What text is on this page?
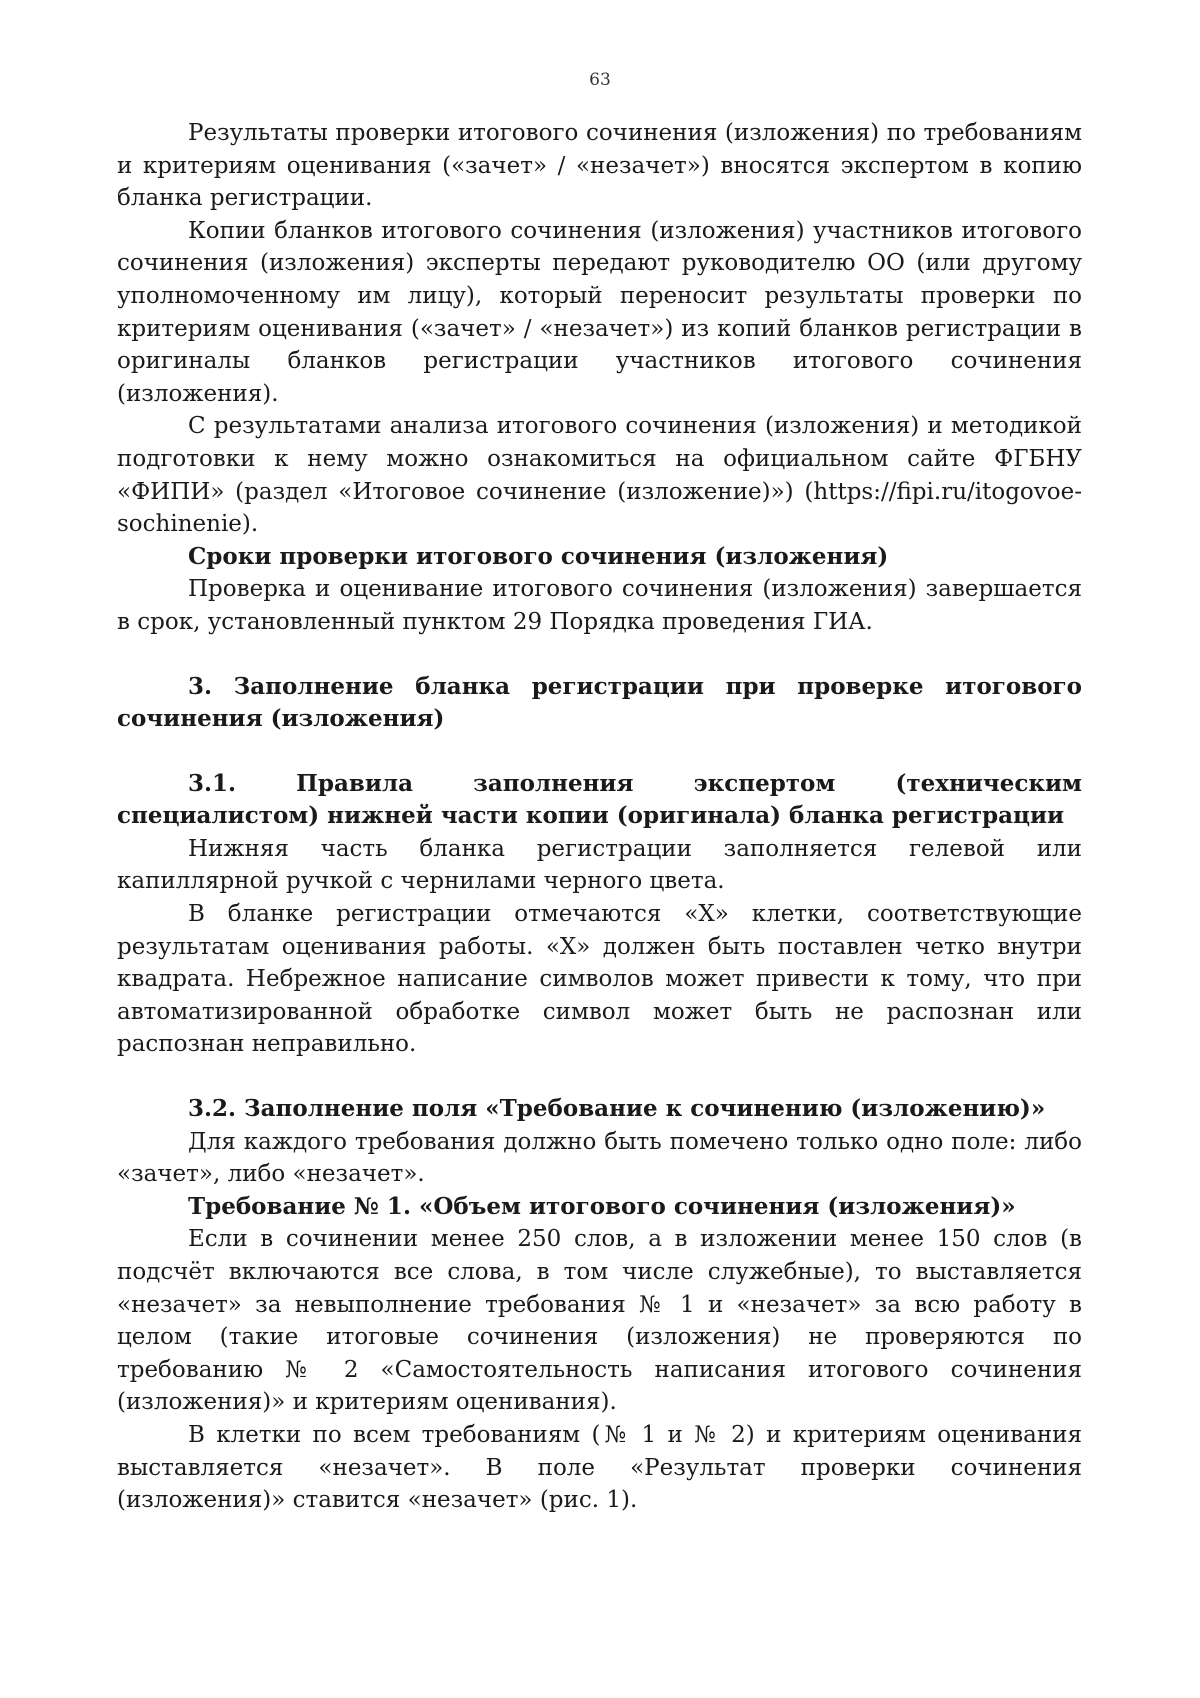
63

Результаты проверки итогового сочинения (изложения) по требованиям и критериям оценивания («зачет» / «незачет») вносятся экспертом в копию бланка регистрации.

Копии бланков итогового сочинения (изложения) участников итогового сочинения (изложения) эксперты передают руководителю ОО (или другому уполномоченному им лицу), который переносит результаты проверки по критериям оценивания («зачет» / «незачет») из копий бланков регистрации в оригиналы бланков регистрации участников итогового сочинения (изложения).

С результатами анализа итогового сочинения (изложения) и методикой подготовки к нему можно ознакомиться на официальном сайте ФГБНУ «ФИПИ» (раздел «Итоговое сочинение (изложение)») (https://fipi.ru/itogovoe-sochinenie).

Сроки проверки итогового сочинения (изложения)

Проверка и оценивание итогового сочинения (изложения) завершается в срок, установленный пунктом 29 Порядка проведения ГИА.

3. Заполнение бланка регистрации при проверке итогового сочинения (изложения)

3.1. Правила заполнения экспертом (техническим специалистом) нижней части копии (оригинала) бланка регистрации

Нижняя часть бланка регистрации заполняется гелевой или капиллярной ручкой с чернилами черного цвета.

В бланке регистрации отмечаются «X» клетки, соответствующие результатам оценивания работы. «X» должен быть поставлен четко внутри квадрата. Небрежное написание символов может привести к тому, что при автоматизированной обработке символ может быть не распознан или распознан неправильно.

3.2. Заполнение поля «Требование к сочинению (изложению)»

Для каждого требования должно быть помечено только одно поле: либо «зачет», либо «незачет».

Требование № 1. «Объем итогового сочинения (изложения)»

Если в сочинении менее 250 слов, а в изложении менее 150 слов (в подсчёт включаются все слова, в том числе служебные), то выставляется «незачет» за невыполнение требования № 1 и «незачет» за всю работу в целом (такие итоговые сочинения (изложения) не проверяются по требованию № 2 «Самостоятельность написания итогового сочинения (изложения)» и критериям оценивания).

В клетки по всем требованиям (№ 1 и № 2) и критериям оценивания выставляется «незачет». В поле «Результат проверки сочинения (изложения)» ставится «незачет» (рис. 1).
